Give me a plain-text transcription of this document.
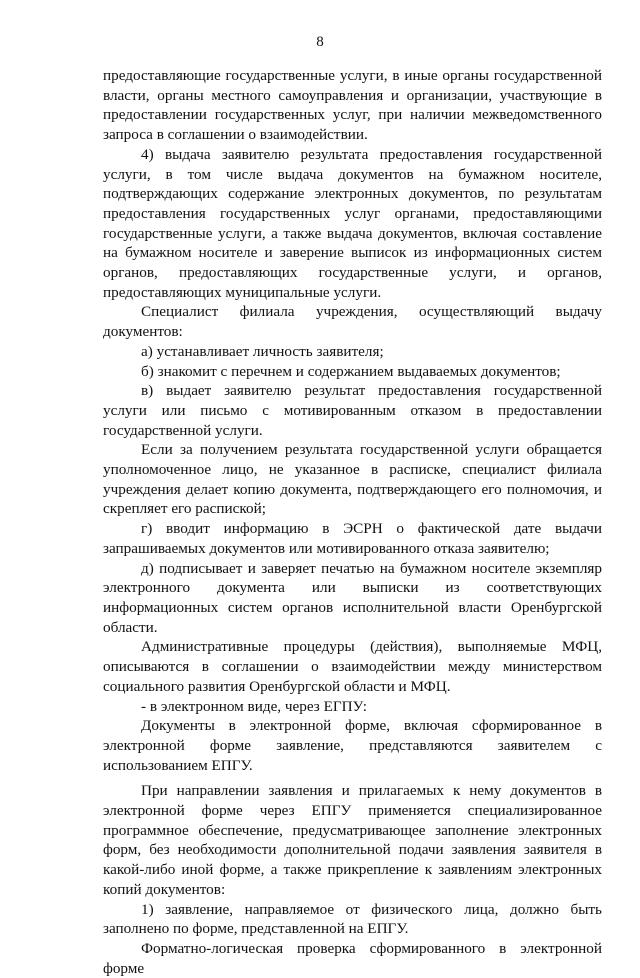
8

предоставляющие государственные услуги, в иные органы государственной власти, органы местного самоуправления и организации, участвующие в предоставлении государственных услуг, при наличии межведомственного запроса в соглашении о взаимодействии.

4) выдача заявителю результата предоставления государственной услуги, в том числе выдача документов на бумажном носителе, подтверждающих содержание электронных документов, по результатам предоставления государственных услуг органами, предоставляющими государственные услуги, а также выдача документов, включая составление на бумажном носителе и заверение выписок из информационных систем органов, предоставляющих государственные услуги, и органов, предоставляющих муниципальные услуги.

Специалист филиала учреждения, осуществляющий выдачу документов:

а) устанавливает личность заявителя;

б) знакомит с перечнем и содержанием выдаваемых документов;

в) выдает заявителю результат предоставления государственной услуги или письмо с мотивированным отказом в предоставлении государственной услуги.

Если за получением результата государственной услуги обращается уполномоченное лицо, не указанное в расписке, специалист филиала учреждения делает копию документа, подтверждающего его полномочия, и скрепляет его распиской;

г) вводит информацию в ЭСРН о фактической дате выдачи запрашиваемых документов или мотивированного отказа заявителю;

д) подписывает и заверяет печатью на бумажном носителе экземпляр электронного документа или выписки из соответствующих информационных систем органов исполнительной власти Оренбургской области.

Административные процедуры (действия), выполняемые МФЦ, описываются в соглашении о взаимодействии между министерством социального развития Оренбургской области и МФЦ.

- в электронном виде, через ЕГПУ:

Документы в электронной форме, включая сформированное в электронной форме заявление, представляются заявителем с использованием ЕПГУ.

При направлении заявления и прилагаемых к нему документов в электронной форме через ЕПГУ применяется специализированное программное обеспечение, предусматривающее заполнение электронных форм, без необходимости дополнительной подачи заявления заявителя в какой-либо иной форме, а также прикрепление к заявлениям электронных копий документов:

1) заявление, направляемое от физического лица, должно быть заполнено по форме, представленной на ЕПГУ.

Форматно-логическая проверка сформированного в электронной форме
